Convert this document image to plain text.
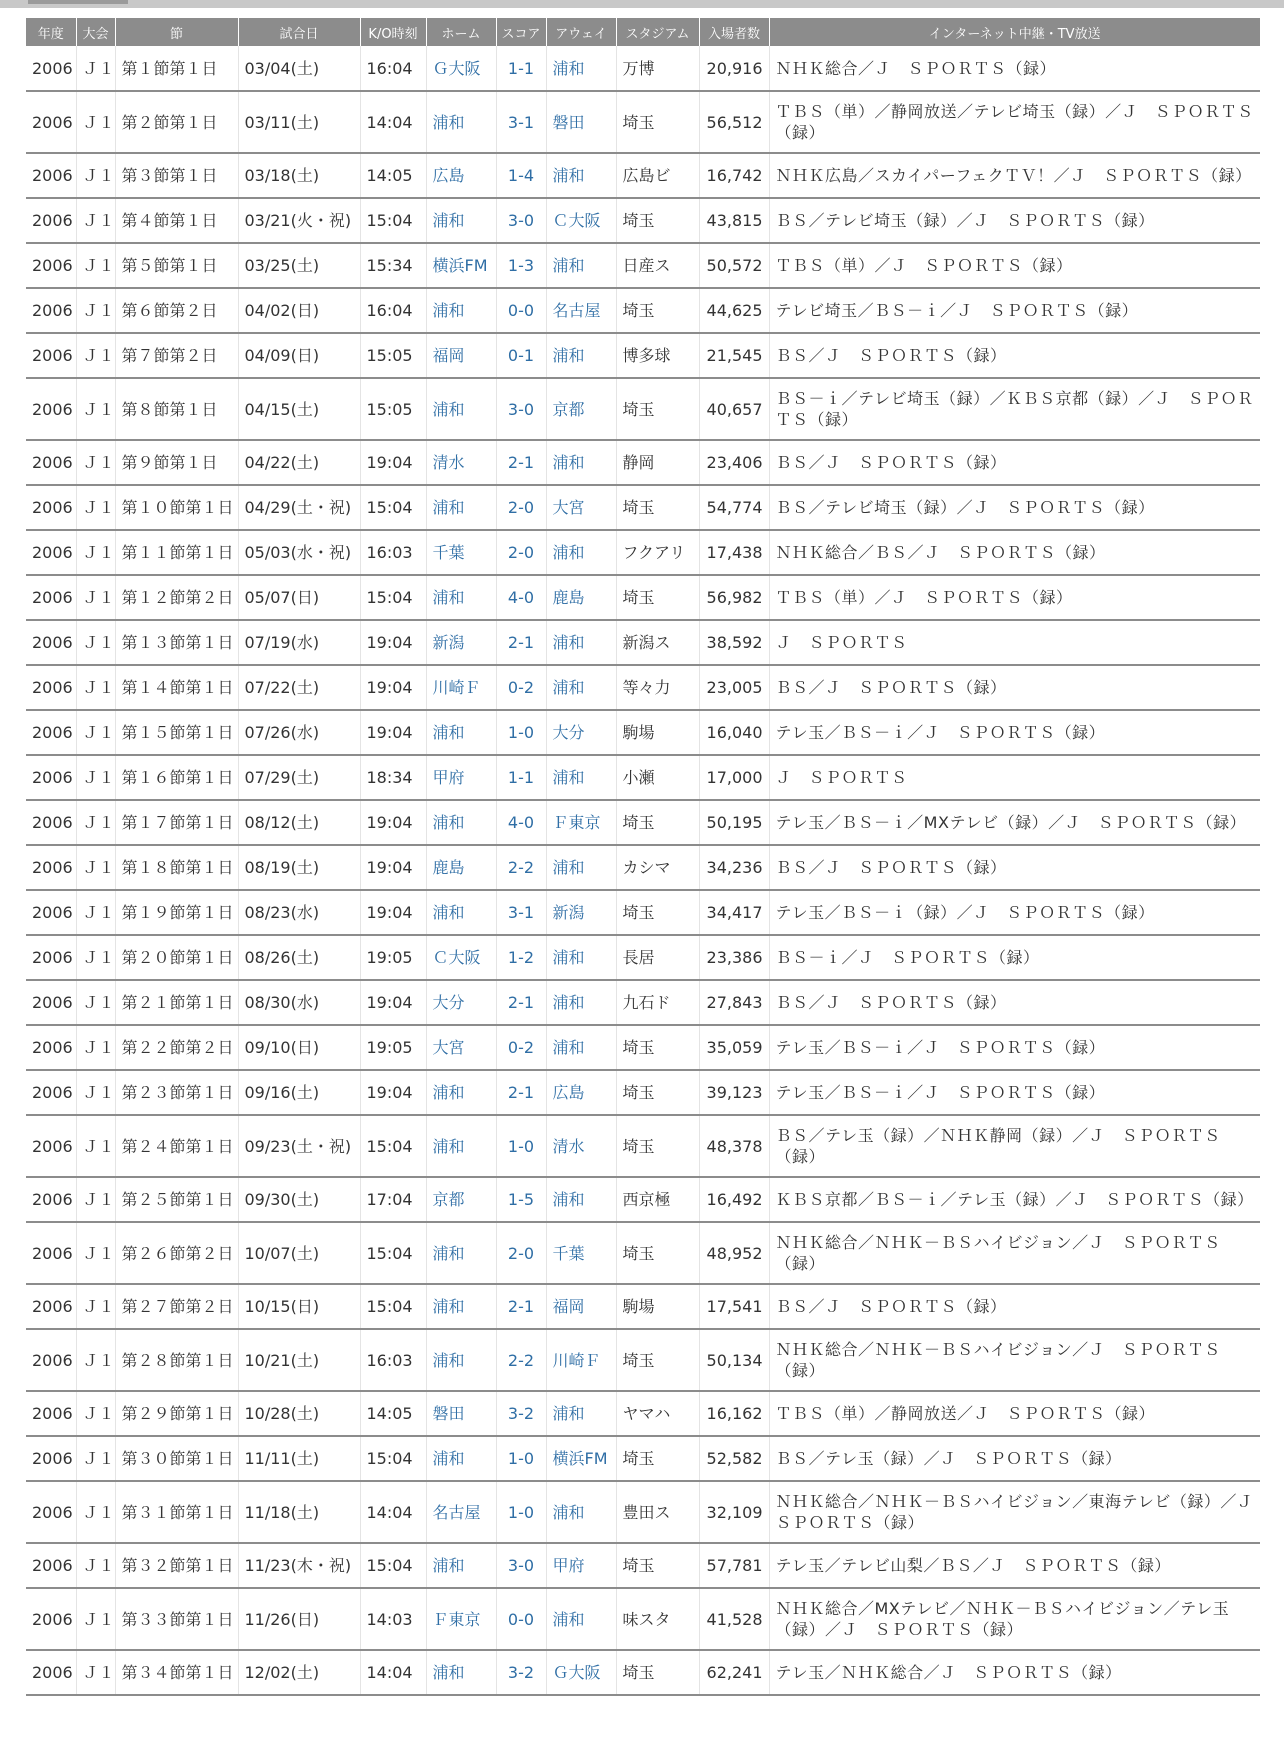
年度	大会	節	試合日	K/O時刻	ホーム	スコア	アウェイ	スタジアム	入場者数	インターネット中継・TV放送
2006	Ｊ１	第１節第１日	03/04(土)	16:04	Ｇ大阪	1-1	浦和	万博	20,916	ＮＨＫ総合／Ｊ　ＳＰＯＲＴＳ（録）
2006	Ｊ１	第２節第１日	03/11(土)	14:04	浦和	3-1	磐田	埼玉	56,512	ＴＢＳ（単）／静岡放送／テレビ埼玉（録）／Ｊ　ＳＰＯＲＴＳ（録）
2006	Ｊ１	第３節第１日	03/18(土)	14:05	広島	1-4	浦和	広島ビ	16,742	ＮＨＫ広島／スカイパーフェクＴＶ！／Ｊ　ＳＰＯＲＴＳ（録）
2006	Ｊ１	第４節第１日	03/21(火・祝)	15:04	浦和	3-0	Ｃ大阪	埼玉	43,815	ＢＳ／テレビ埼玉（録）／Ｊ　ＳＰＯＲＴＳ（録）
2006	Ｊ１	第５節第１日	03/25(土)	15:34	横浜FM	1-3	浦和	日産ス	50,572	ＴＢＳ（単）／Ｊ　ＳＰＯＲＴＳ（録）
2006	Ｊ１	第６節第２日	04/02(日)	16:04	浦和	0-0	名古屋	埼玉	44,625	テレビ埼玉／ＢＳ－ｉ／Ｊ　ＳＰＯＲＴＳ（録）
2006	Ｊ１	第７節第２日	04/09(日)	15:05	福岡	0-1	浦和	博多球	21,545	ＢＳ／Ｊ　ＳＰＯＲＴＳ（録）
2006	Ｊ１	第８節第１日	04/15(土)	15:05	浦和	3-0	京都	埼玉	40,657	ＢＳ－ｉ／テレビ埼玉（録）／ＫＢＳ京都（録）／Ｊ　ＳＰＯＲＴＳ（録）
2006	Ｊ１	第９節第１日	04/22(土)	19:04	清水	2-1	浦和	静岡	23,406	ＢＳ／Ｊ　ＳＰＯＲＴＳ（録）
2006	Ｊ１	第１０節第１日	04/29(土・祝)	15:04	浦和	2-0	大宮	埼玉	54,774	ＢＳ／テレビ埼玉（録）／Ｊ　ＳＰＯＲＴＳ（録）
2006	Ｊ１	第１１節第１日	05/03(水・祝)	16:03	千葉	2-0	浦和	フクアリ	17,438	ＮＨＫ総合／ＢＳ／Ｊ　ＳＰＯＲＴＳ（録）
2006	Ｊ１	第１２節第２日	05/07(日)	15:04	浦和	4-0	鹿島	埼玉	56,982	ＴＢＳ（単）／Ｊ　ＳＰＯＲＴＳ（録）
2006	Ｊ１	第１３節第１日	07/19(水)	19:04	新潟	2-1	浦和	新潟ス	38,592	Ｊ　ＳＰＯＲＴＳ
2006	Ｊ１	第１４節第１日	07/22(土)	19:04	川崎Ｆ	0-2	浦和	等々力	23,005	ＢＳ／Ｊ　ＳＰＯＲＴＳ（録）
2006	Ｊ１	第１５節第１日	07/26(水)	19:04	浦和	1-0	大分	駒場	16,040	テレ玉／ＢＳ－ｉ／Ｊ　ＳＰＯＲＴＳ（録）
2006	Ｊ１	第１６節第１日	07/29(土)	18:34	甲府	1-1	浦和	小瀬	17,000	Ｊ　ＳＰＯＲＴＳ
2006	Ｊ１	第１７節第１日	08/12(土)	19:04	浦和	4-0	Ｆ東京	埼玉	50,195	テレ玉／ＢＳ－ｉ／MXテレビ（録）／Ｊ　ＳＰＯＲＴＳ（録）
2006	Ｊ１	第１８節第１日	08/19(土)	19:04	鹿島	2-2	浦和	カシマ	34,236	ＢＳ／Ｊ　ＳＰＯＲＴＳ（録）
2006	Ｊ１	第１９節第１日	08/23(水)	19:04	浦和	3-1	新潟	埼玉	34,417	テレ玉／ＢＳ－ｉ（録）／Ｊ　ＳＰＯＲＴＳ（録）
2006	Ｊ１	第２０節第１日	08/26(土)	19:05	Ｃ大阪	1-2	浦和	長居	23,386	ＢＳ－ｉ／Ｊ　ＳＰＯＲＴＳ（録）
2006	Ｊ１	第２１節第１日	08/30(水)	19:04	大分	2-1	浦和	九石ド	27,843	ＢＳ／Ｊ　ＳＰＯＲＴＳ（録）
2006	Ｊ１	第２２節第２日	09/10(日)	19:05	大宮	0-2	浦和	埼玉	35,059	テレ玉／ＢＳ－ｉ／Ｊ　ＳＰＯＲＴＳ（録）
2006	Ｊ１	第２３節第１日	09/16(土)	19:04	浦和	2-1	広島	埼玉	39,123	テレ玉／ＢＳ－ｉ／Ｊ　ＳＰＯＲＴＳ（録）
2006	Ｊ１	第２４節第１日	09/23(土・祝)	15:04	浦和	1-0	清水	埼玉	48,378	ＢＳ／テレ玉（録）／ＮＨＫ静岡（録）／Ｊ　ＳＰＯＲＴＳ（録）
2006	Ｊ１	第２５節第１日	09/30(土)	17:04	京都	1-5	浦和	西京極	16,492	ＫＢＳ京都／ＢＳ－ｉ／テレ玉（録）／Ｊ　ＳＰＯＲＴＳ（録）
2006	Ｊ１	第２６節第２日	10/07(土)	15:04	浦和	2-0	千葉	埼玉	48,952	ＮＨＫ総合／ＮＨＫ－ＢＳハイビジョン／Ｊ　ＳＰＯＲＴＳ（録）
2006	Ｊ１	第２７節第２日	10/15(日)	15:04	浦和	2-1	福岡	駒場	17,541	ＢＳ／Ｊ　ＳＰＯＲＴＳ（録）
2006	Ｊ１	第２８節第１日	10/21(土)	16:03	浦和	2-2	川崎Ｆ	埼玉	50,134	ＮＨＫ総合／ＮＨＫ－ＢＳハイビジョン／Ｊ　ＳＰＯＲＴＳ（録）
2006	Ｊ１	第２９節第１日	10/28(土)	14:05	磐田	3-2	浦和	ヤマハ	16,162	ＴＢＳ（単）／静岡放送／Ｊ　ＳＰＯＲＴＳ（録）
2006	Ｊ１	第３０節第１日	11/11(土)	15:04	浦和	1-0	横浜FM	埼玉	52,582	ＢＳ／テレ玉（録）／Ｊ　ＳＰＯＲＴＳ（録）
2006	Ｊ１	第３１節第１日	11/18(土)	14:04	名古屋	1-0	浦和	豊田ス	32,109	ＮＨＫ総合／ＮＨＫ－ＢＳハイビジョン／東海テレビ（録）／Ｊ　ＳＰＯＲＴＳ（録）
2006	Ｊ１	第３２節第１日	11/23(木・祝)	15:04	浦和	3-0	甲府	埼玉	57,781	テレ玉／テレビ山梨／ＢＳ／Ｊ　ＳＰＯＲＴＳ（録）
2006	Ｊ１	第３３節第１日	11/26(日)	14:03	Ｆ東京	0-0	浦和	味スタ	41,528	ＮＨＫ総合／MXテレビ／ＮＨＫ－ＢＳハイビジョン／テレ玉（録）／Ｊ　ＳＰＯＲＴＳ（録）
2006	Ｊ１	第３４節第１日	12/02(土)	14:04	浦和	3-2	Ｇ大阪	埼玉	62,241	テレ玉／ＮＨＫ総合／Ｊ　ＳＰＯＲＴＳ（録）
